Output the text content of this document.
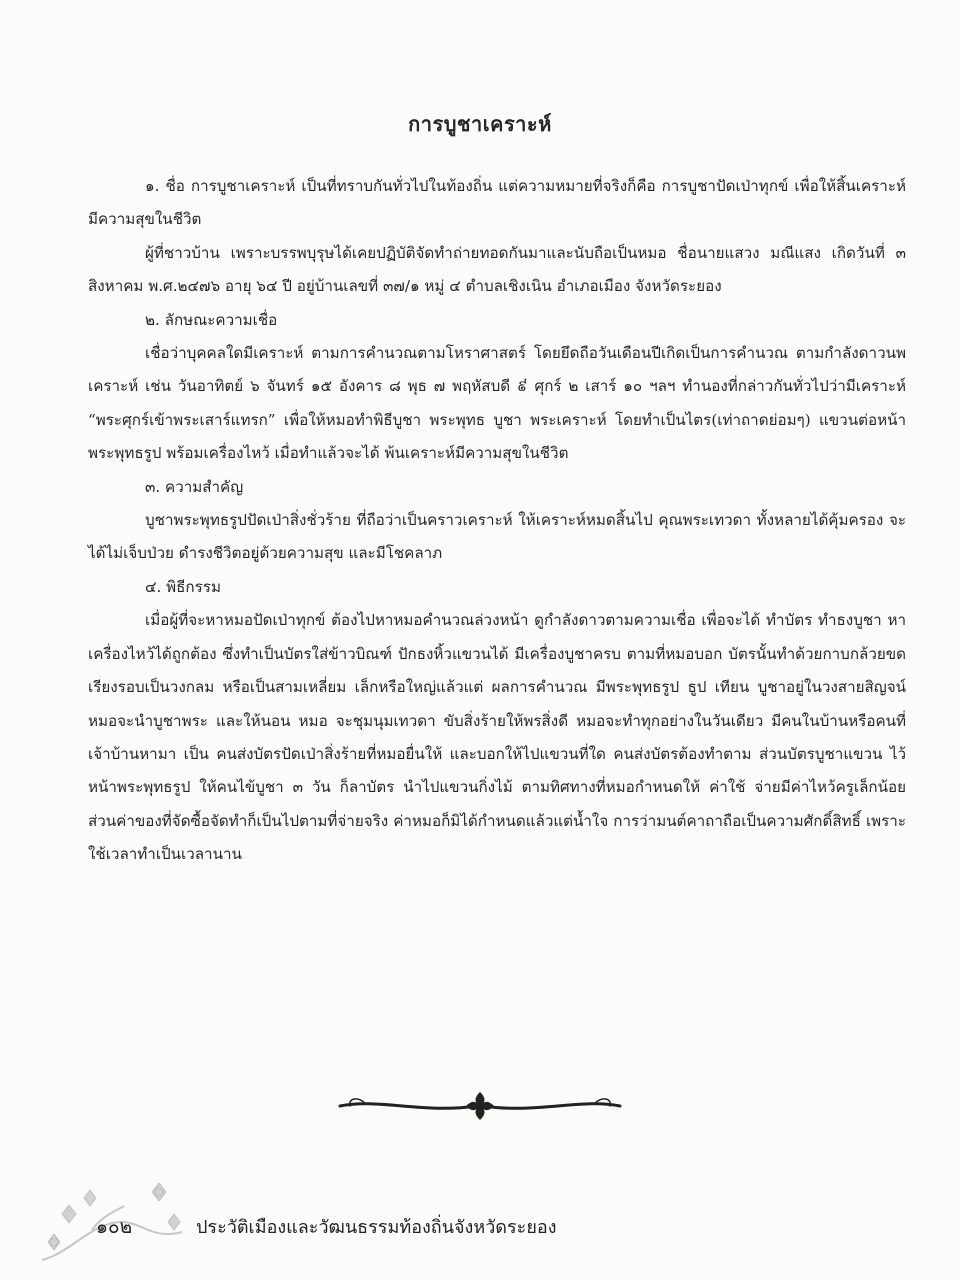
การบูชาเคราะห์

๑. ชื่อ การบูชาเคราะห์ เป็นที่ทราบกันทั่วไปในท้องถิ่น แต่ความหมายที่จริงก็คือ การบูชาปัดเป่าทุกข์ เพื่อให้สิ้นเคราะห์ มีความสุขในชีวิต

ผู้ที่ชาวบ้าน เพราะบรรพบุรุษได้เคยปฏิบัติจัดทำถ่ายทอดกันมาและนับถือเป็นหมอ ชื่อนายแสวง มณีแสง เกิดวันที่ ๓ สิงหาคม พ.ศ.๒๔๗๖ อายุ ๖๔ ปี อยู่บ้านเลขที่ ๓๗/๑ หมู่ ๔ ตำบลเชิงเนิน อำเภอเมือง จังหวัดระยอง

๒. ลักษณะความเชื่อ

เชื่อว่าบุคคลใดมีเคราะห์ ตามการคำนวณตามโหราศาสตร์ โดยยึดถือวันเดือนปีเกิดเป็นการคำนวณ ตามกำลังดาวนพเคราะห์ เช่น วันอาทิตย์ ๖ จันทร์ ๑๕ อังคาร ๘ พุธ ๗ พฤหัสบดี ៩ ศุกร์ ๒ เสาร์ ๑๐ ฯลฯ ทำนองที่กล่าวกันทั่วไปว่ามีเคราะห์ “พระศุกร์เข้าพระเสาร์แทรก” เพื่อให้หมอทำพิธีบูชา พระพุทธ บูชา พระเคราะห์ โดยทำเป็นไตร(เท่าถาดย่อมๆ) แขวนต่อหน้าพระพุทธรูป พร้อมเครื่องไหว้ เมื่อทำแล้วจะได้ พ้นเคราะห์มีความสุขในชีวิต

๓. ความสำคัญ

บูชาพระพุทธรูปปัดเป่าสิ่งชั่วร้าย ที่ถือว่าเป็นคราวเคราะห์ ให้เคราะห์หมดสิ้นไป คุณพระเทวดา ทั้งหลายได้คุ้มครอง จะได้ไม่เจ็บป่วย ดำรงชีวิตอยู่ด้วยความสุข และมีโชคลาภ

๔. พิธีกรรม

เมื่อผู้ที่จะหาหมอปัดเป่าทุกข์ ต้องไปหาหมอคำนวณล่วงหน้า ดูกำลังดาวตามความเชื่อ เพื่อจะได้ ทำบัตร ทำธงบูชา หาเครื่องไหว้ได้ถูกต้อง ซึ่งทำเป็นบัตรใส่ข้าวบิณฑ์ ปักธงหิ้วแขวนได้ มีเครื่องบูชาครบ ตามที่หมอบอก บัตรนั้นทำด้วยกาบกล้วยขดเรียงรอบเป็นวงกลม หรือเป็นสามเหลี่ยม เล็กหรือใหญ่แล้วแต่ ผลการคำนวณ มีพระพุทธรูป ธูป เทียน บูชาอยู่ในวงสายสิญจน์ หมอจะนำบูชาพระ และให้นอน หมอ จะชุมนุมเทวดา ขับสิ่งร้ายให้พรสิ่งดี หมอจะทำทุกอย่างในวันเดียว มีคนในบ้านหรือคนที่เจ้าบ้านหามา เป็น คนส่งบัตรปัดเป่าสิ่งร้ายที่หมอยื่นให้ และบอกให้ไปแขวนที่ใด คนส่งบัตรต้องทำตาม ส่วนบัตรบูชาแขวน ไว้หน้าพระพุทธรูป ให้คนไข้บูชา ๓ วัน ก็ลาบัตร นำไปแขวนกิ่งไม้ ตามทิศทางที่หมอกำหนดให้ ค่าใช้ จ่ายมีค่าไหว้ครูเล็กน้อย ส่วนค่าของที่จัดซื้อจัดทำก็เป็นไปตามที่จ่ายจริง ค่าหมอก็มิได้กำหนดแล้วแต่น้ำใจ การว่ามนต์คาถาถือเป็นความศักดิ์สิทธิ์ เพราะใช้เวลาทำเป็นเวลานาน

๑๐๒	ประวัติเมืองและวัฒนธรรมท้องถิ่นจังหวัดระยอง
